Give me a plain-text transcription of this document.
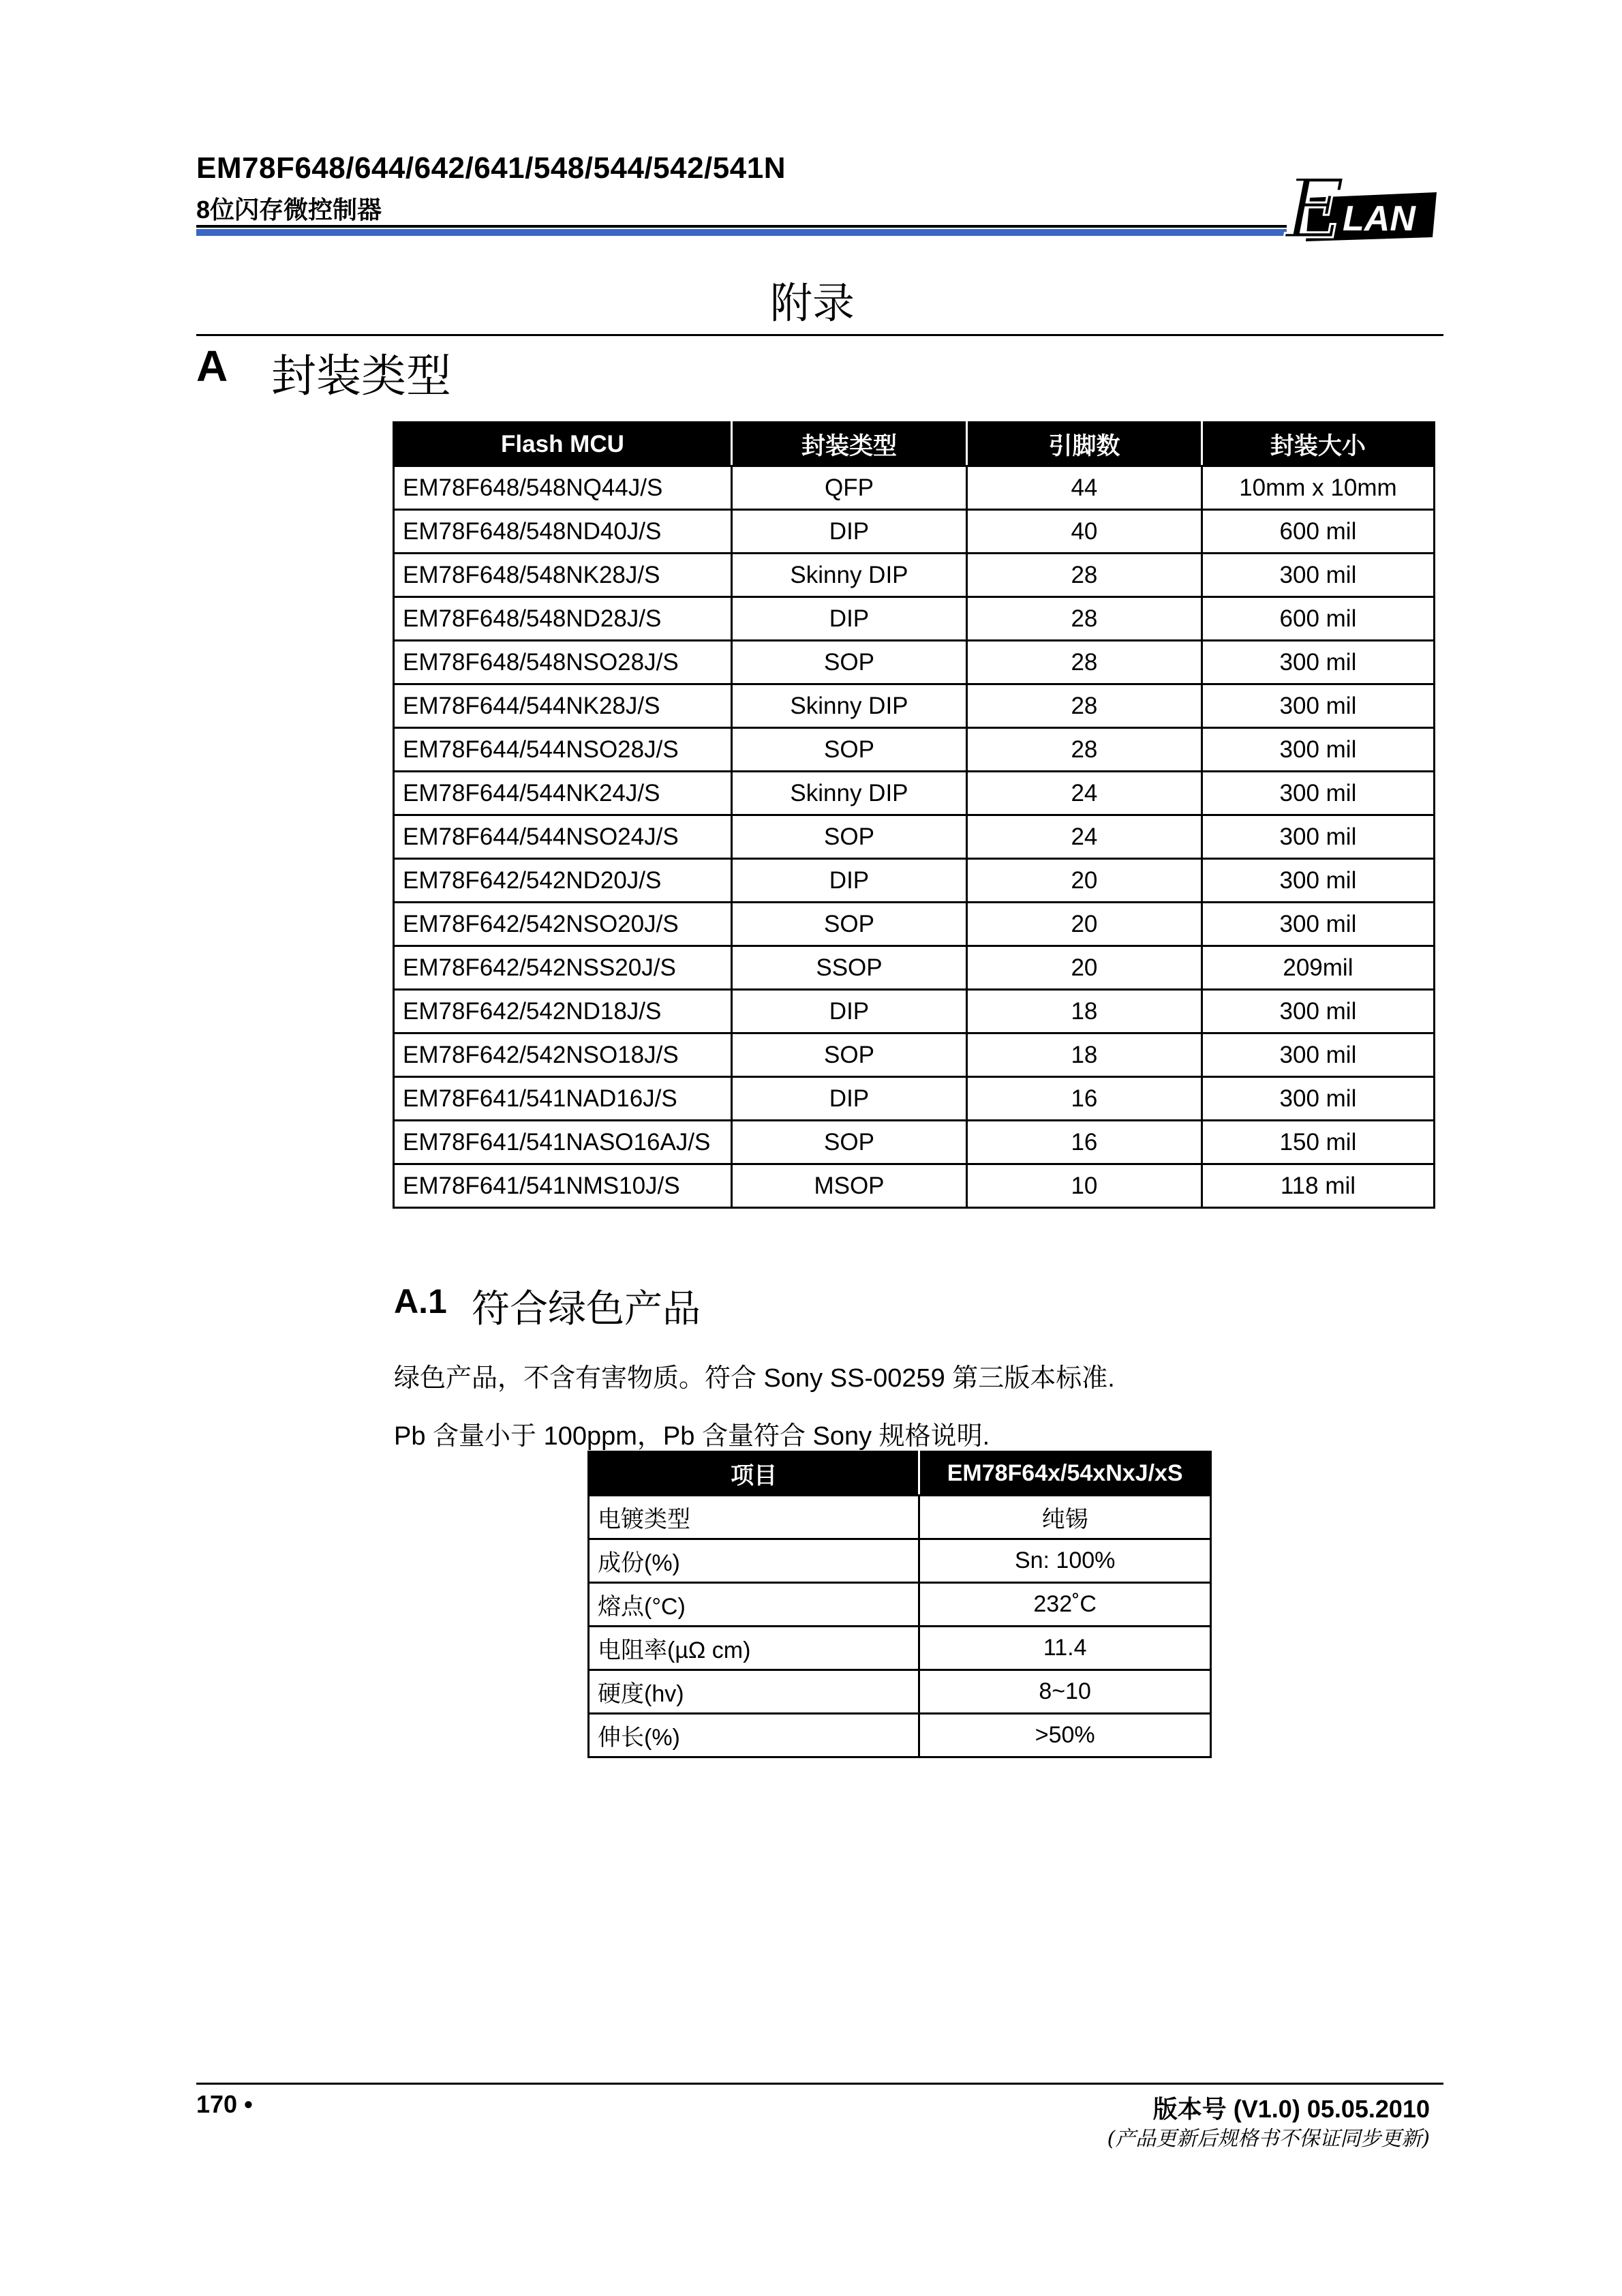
EM78F648/644/642/641/548/544/542/541N
8位闪存微控制器	LAN
E
附录
A 封装类型
Flash MCU	封装类型	引脚数	封装大小
EM78F648/548NQ44J/S	QFP	44	10mm x 10mm
EM78F648/548ND40J/S	DIP	40	600 mil
EM78F648/548NK28J/S	Skinny DIP	28	300 mil
EM78F648/548ND28J/S	DIP	28	600 mil
EM78F648/548NSO28J/S	SOP	28	300 mil
EM78F644/544NK28J/S	Skinny DIP	28	300 mil
EM78F644/544NSO28J/S	SOP	28	300 mil
EM78F644/544NK24J/S	Skinny DIP	24	300 mil
EM78F644/544NSO24J/S	SOP	24	300 mil
EM78F642/542ND20J/S	DIP	20	300 mil
EM78F642/542NSO20J/S	SOP	20	300 mil
EM78F642/542NSS20J/S	SSOP	20	209mil
EM78F642/542ND18J/S	DIP	18	300 mil
EM78F642/542NSO18J/S	SOP	18	300 mil
EM78F641/541NAD16J/S	DIP	16	300 mil
EM78F641/541NASO16AJ/S	SOP	16	150 mil
EM78F641/541NMS10J/S	MSOP	10	118 mil
A.1 符合绿色产品
绿色产品，不含有害物质。符合 Sony SS-00259 第三版本标准.
Pb 含量小于 100ppm，Pb 含量符合 Sony 规格说明.
项目	EM78F64x/54xNxJ/xS
电镀类型	纯锡
成份(%)	Sn: 100%
熔点(°C)	232˚C
电阻率(µΩ cm)	11.4
硬度(hv)	8~10
伸长(%)	>50%
170 •	版本号 (V1.0) 05.05.2010
(产品更新后规格书不保证同步更新)
